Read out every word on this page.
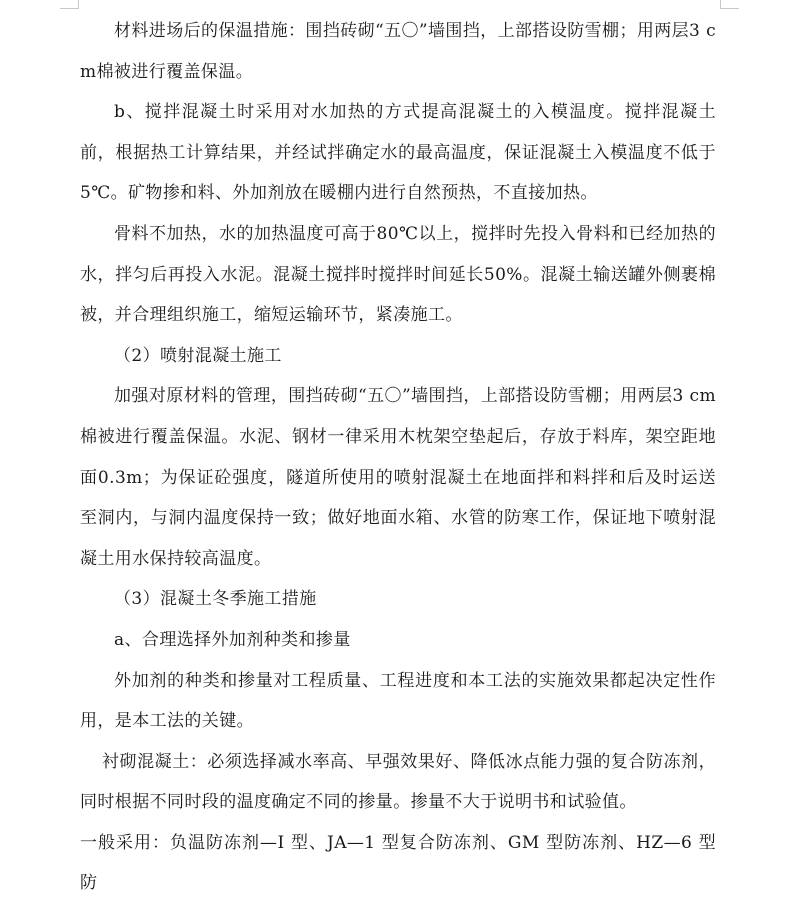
材料进场后的保温措施：围挡砖砌“五〇”墙围挡，上部搭设防雪棚；用两层3 cm棉被进行覆盖保温。

b、搅拌混凝土时采用对水加热的方式提高混凝土的入模温度。搅拌混凝土前，根据热工计算结果，并经试拌确定水的最高温度，保证混凝土入模温度不低于5℃。矿物掺和料、外加剂放在暖棚内进行自然预热，不直接加热。

骨料不加热，水的加热温度可高于80℃以上，搅拌时先投入骨料和已经加热的水，拌匀后再投入水泥。混凝土搅拌时搅拌时间延长50%。混凝土输送罐外侧裹棉被，并合理组织施工，缩短运输环节，紧凑施工。

（2）喷射混凝土施工

加强对原材料的管理，围挡砖砌“五〇”墙围挡，上部搭设防雪棚；用两层3 cm棉被进行覆盖保温。水泥、钢材一律采用木枕架空垫起后，存放于料库，架空距地面0.3m；为保证砼强度，隧道所使用的喷射混凝土在地面拌和料拌和后及时运送至洞内，与洞内温度保持一致；做好地面水箱、水管的防寒工作，保证地下喷射混凝土用水保持较高温度。

（3）混凝土冬季施工措施

a、合理选择外加剂种类和掺量

外加剂的种类和掺量对工程质量、工程进度和本工法的实施效果都起决定性作用，是本工法的关键。

衬砌混凝土：必须选择减水率高、早强效果好、降低冰点能力强的复合防冻剂，同时根据不同时段的温度确定不同的掺量。掺量不大于说明书和试验值。

一般采用：负温防冻剂—I 型、JA—1 型复合防冻剂、GM 型防冻剂、HZ—6 型防
